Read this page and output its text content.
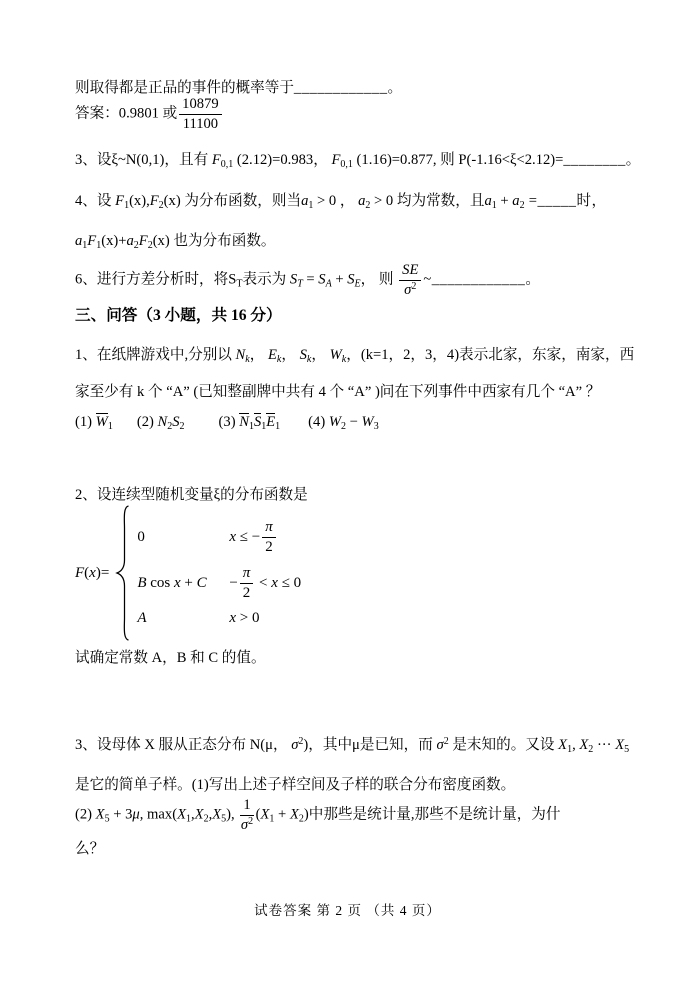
则取得都是正品的事件的概率等于____________。
答案：0.9801 或 $\frac{10879}{11100}$
3、设ξ~N(0,1)，且有 $F_{0,1}$ (2.12)=0.983， $F_{0,1}$ (1.16)=0.877, 则 P(-1.16<ξ<2.12)=________。
4、设 $F_1(x),F_2(x)$ 为分布函数，则当$a_1 > 0$ ， $a_2 > 0$ 均为常数，且$a_1 + a_2$ =_____时，
$a_1F_1(x)+a_2F_2(x)$ 也为分布函数。
6、进行方差分析时，将$S_T$表示为 $S_T = S_A + S_E$， 则 $\frac{SE}{\sigma^2}$ ~____________。
三、问答（3 小题，共 16 分）
1、在纸牌游戏中,分别以 $N_k$， $E_k$， $S_k$， $W_k$，(k=1，2，3，4)表示北家，东家，南家，西
家至少有 k 个 “A” (已知整副牌中共有 4 个 “A” )问在下列事件中西家有几个 “A” ？
(1) $W_1$ (2) $N_2S_2$ (3) $N_1S_1E_1$ (4) $W_2 - W_3$
2、设连续型随机变量ξ的分布函数是
F(x)=
0	x ≤ − $\frac{\pi}{2}$
B cos x + C	− $\frac{\pi}{2} < x \le 0$
A	x > 0
试确定常数 A，B 和 C 的值。
3、设母体 X 服从正态分布 N(μ， $\sigma^2$)，其中μ是已知，而 $\sigma^2$ 是末知的。又设 $X_1$, $X_2$ ··· $X_5$
是它的简单子样。(1)写出上述子样空间及子样的联合分布密度函数。
(2) $X_5 + 3\mu$, $\max(X_1,X_2,X_5)$, $\frac{1}{\sigma^2} (X_1 + X_2)$中那些是统计量,那些不是统计量，为什
么？
试卷答案 第 2 页 （共 4 页）
